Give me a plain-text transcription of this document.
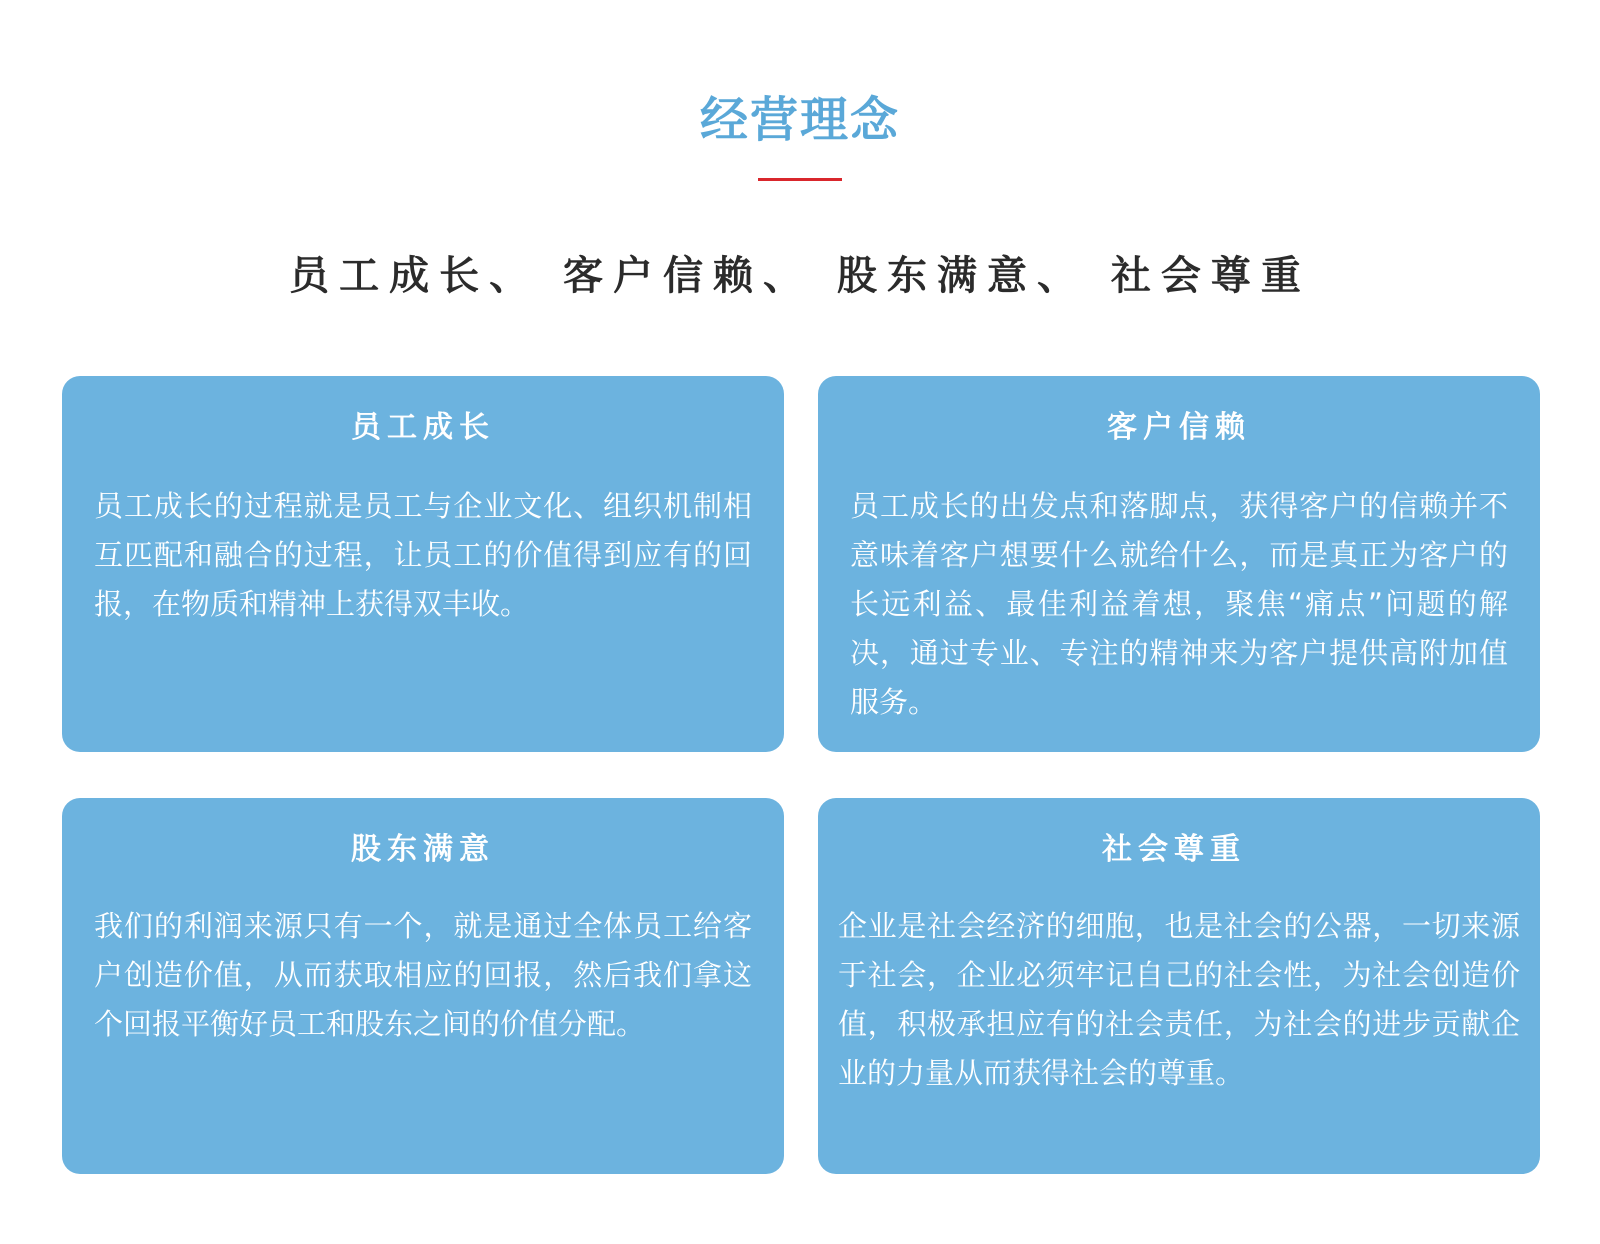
经营理念
员工成长、 客户信赖、 股东满意、 社会尊重
员工成长
员工成长的过程就是员工与企业文化、组织机制相互匹配和融合的过程，让员工的价值得到应有的回报，在物质和精神上获得双丰收。
客户信赖
员工成长的出发点和落脚点，获得客户的信赖并不意味着客户想要什么就给什么，而是真正为客户的长远利益、最佳利益着想，聚焦“痛点”问题的解决，通过专业、专注的精神来为客户提供高附加值服务。
股东满意
我们的利润来源只有一个，就是通过全体员工给客户创造价值，从而获取相应的回报，然后我们拿这个回报平衡好员工和股东之间的价值分配。
社会尊重
企业是社会经济的细胞，也是社会的公器，一切来源于社会，企业必须牢记自己的社会性，为社会创造价值，积极承担应有的社会责任，为社会的进步贡献企业的力量从而获得社会的尊重。
